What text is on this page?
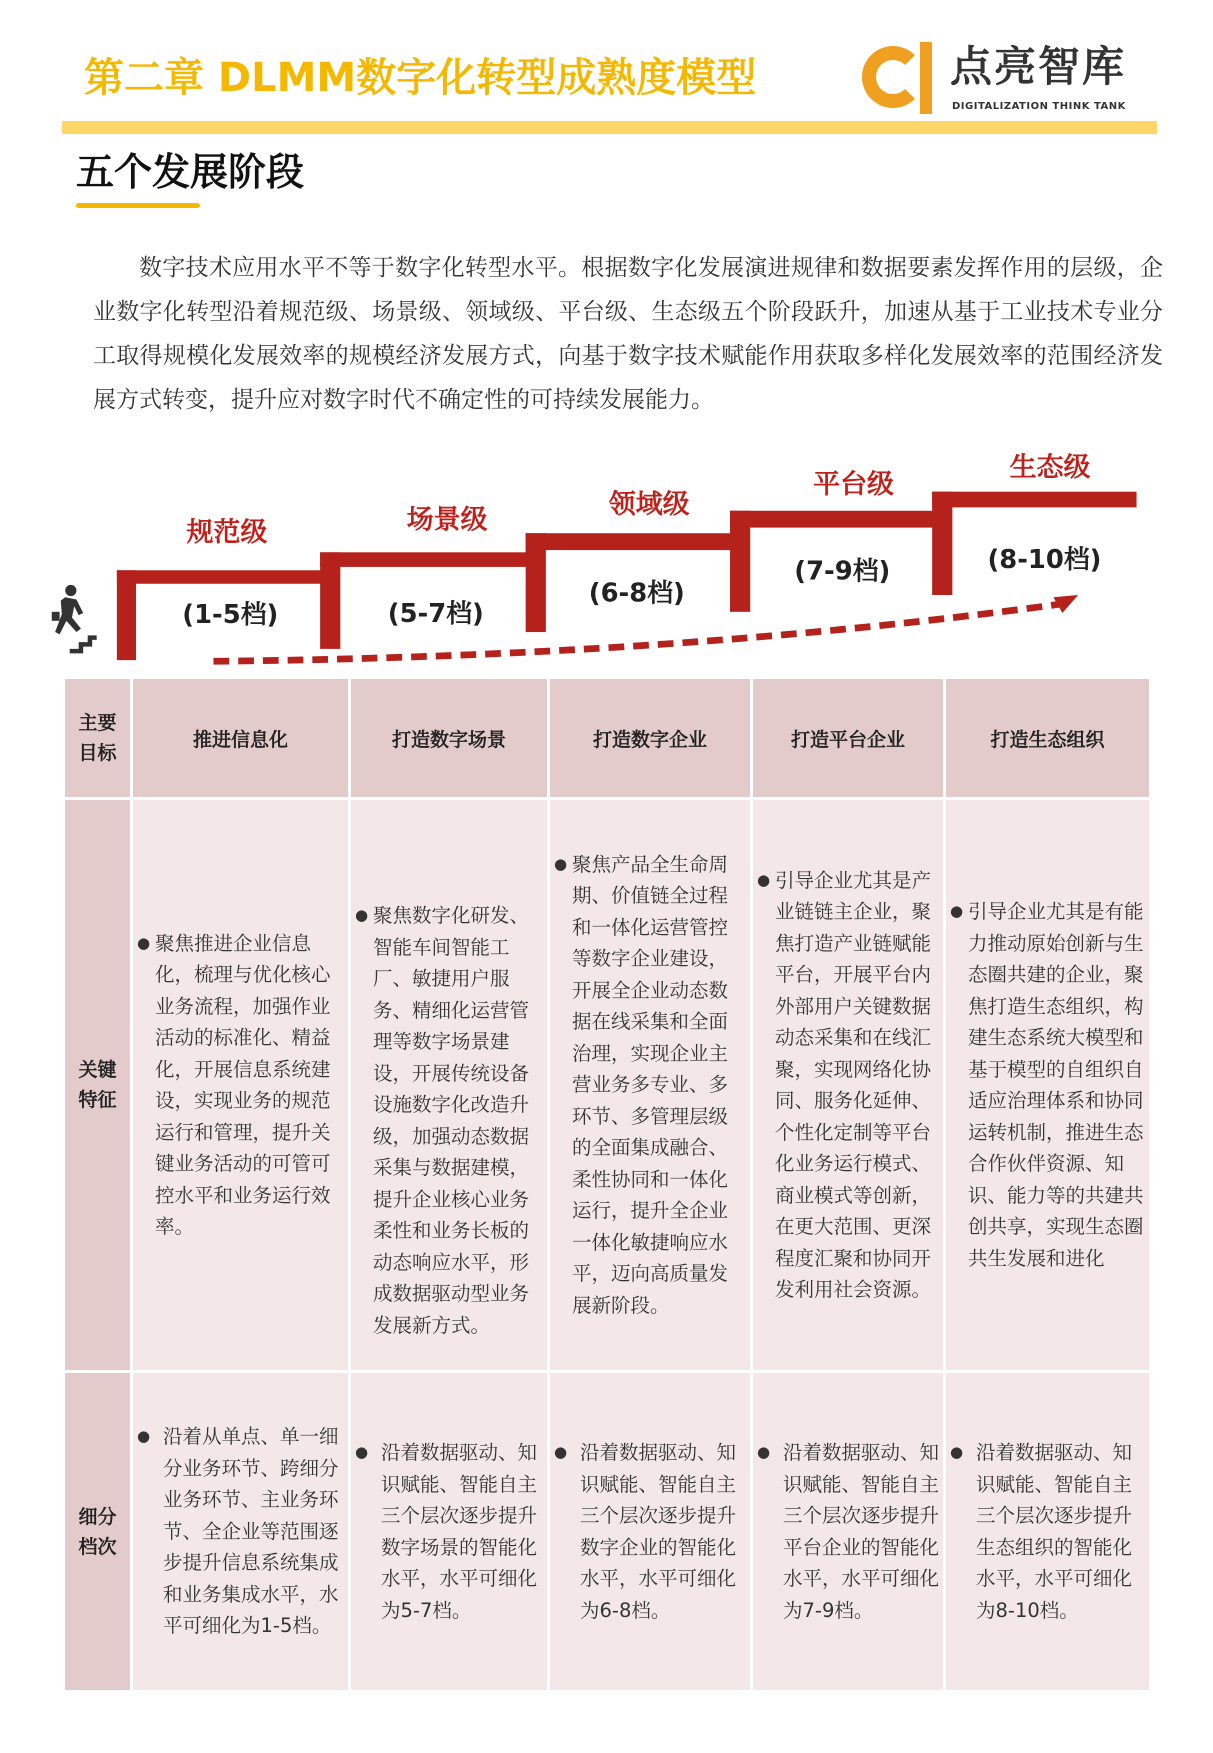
第二章 DLMM数字化转型成熟度模型	点亮智库
DIGITALIZATION THINK TANK
五个发展阶段

数字技术应用水平不等于数字化转型水平。根据数字化发展演进规律和数据要素发挥作用的层级，企业数字化转型沿着规范级、场景级、领域级、平台级、生态级五个阶段跃升，加速从基于工业技术专业分工取得规模化发展效率的规模经济发展方式，向基于数字技术赋能作用获取多样化发展效率的范围经济发展方式转变，提升应对数字时代不确定性的可持续发展能力。

规范级	场景级
领域级
平台级
生态级
(1-5档)	(5-7档)
(6-8档)
(7-9档)	(8-10档)
主要目标	推进信息化	打造数字场景	打造数字企业	打造平台企业	打造生态组织
关键特征	● 聚焦推进企业信息化，梳理与优化核心业务流程，加强作业活动的标准化、精益化，开展信息系统建设，实现业务的规范运行和管理，提升关键业务活动的可管可控水平和业务运行效率。	● 聚焦数字化研发、智能车间智能工厂、敏捷用户服务、精细化运营管理等数字场景建设，开展传统设备设施数字化改造升级，加强动态数据采集与数据建模，提升企业核心业务柔性和业务长板的动态响应水平，形成数据驱动型业务发展新方式。	● 聚焦产品全生命周期、价值链全过程和一体化运营管控等数字企业建设，开展全企业动态数据在线采集和全面治理，实现企业主营业务多专业、多环节、多管理层级的全面集成融合、柔性协同和一体化运行，提升全企业一体化敏捷响应水平，迈向高质量发展新阶段。	● 引导企业尤其是产业链链主企业，聚焦打造产业链赋能平台，开展平台内外部用户关键数据动态采集和在线汇聚，实现网络化协同、服务化延伸、个性化定制等平台化业务运行模式、商业模式等创新，在更大范围、更深程度汇聚和协同开发利用社会资源。	● 引导企业尤其是有能力推动原始创新与生态圈共建的企业，聚焦打造生态组织，构建生态系统大模型和基于模型的自组织自适应治理体系和协同运转机制，推进生态合作伙伴资源、知识、能力等的共建共创共享，实现生态圈共生发展和进化

细分档次	● 沿着从单点、单一细分业务环节、跨细分业务环节、主业务环节、全企业等范围逐步提升信息系统集成和业务集成水平，水平可细化为1-5档。	● 沿着数据驱动、知识赋能、智能自主三个层次逐步提升数字场景的智能化水平，水平可细化为5-7档。	● 沿着数据驱动、知识赋能、智能自主三个层次逐步提升数字企业的智能化水平，水平可细化为6-8档。	● 沿着数据驱动、知识赋能、智能自主三个层次逐步提升平台企业的智能化水平，水平可细化为7-9档。	● 沿着数据驱动、知识赋能、智能自主三个层次逐步提升生态组织的智能化水平，水平可细化为8-10档。
